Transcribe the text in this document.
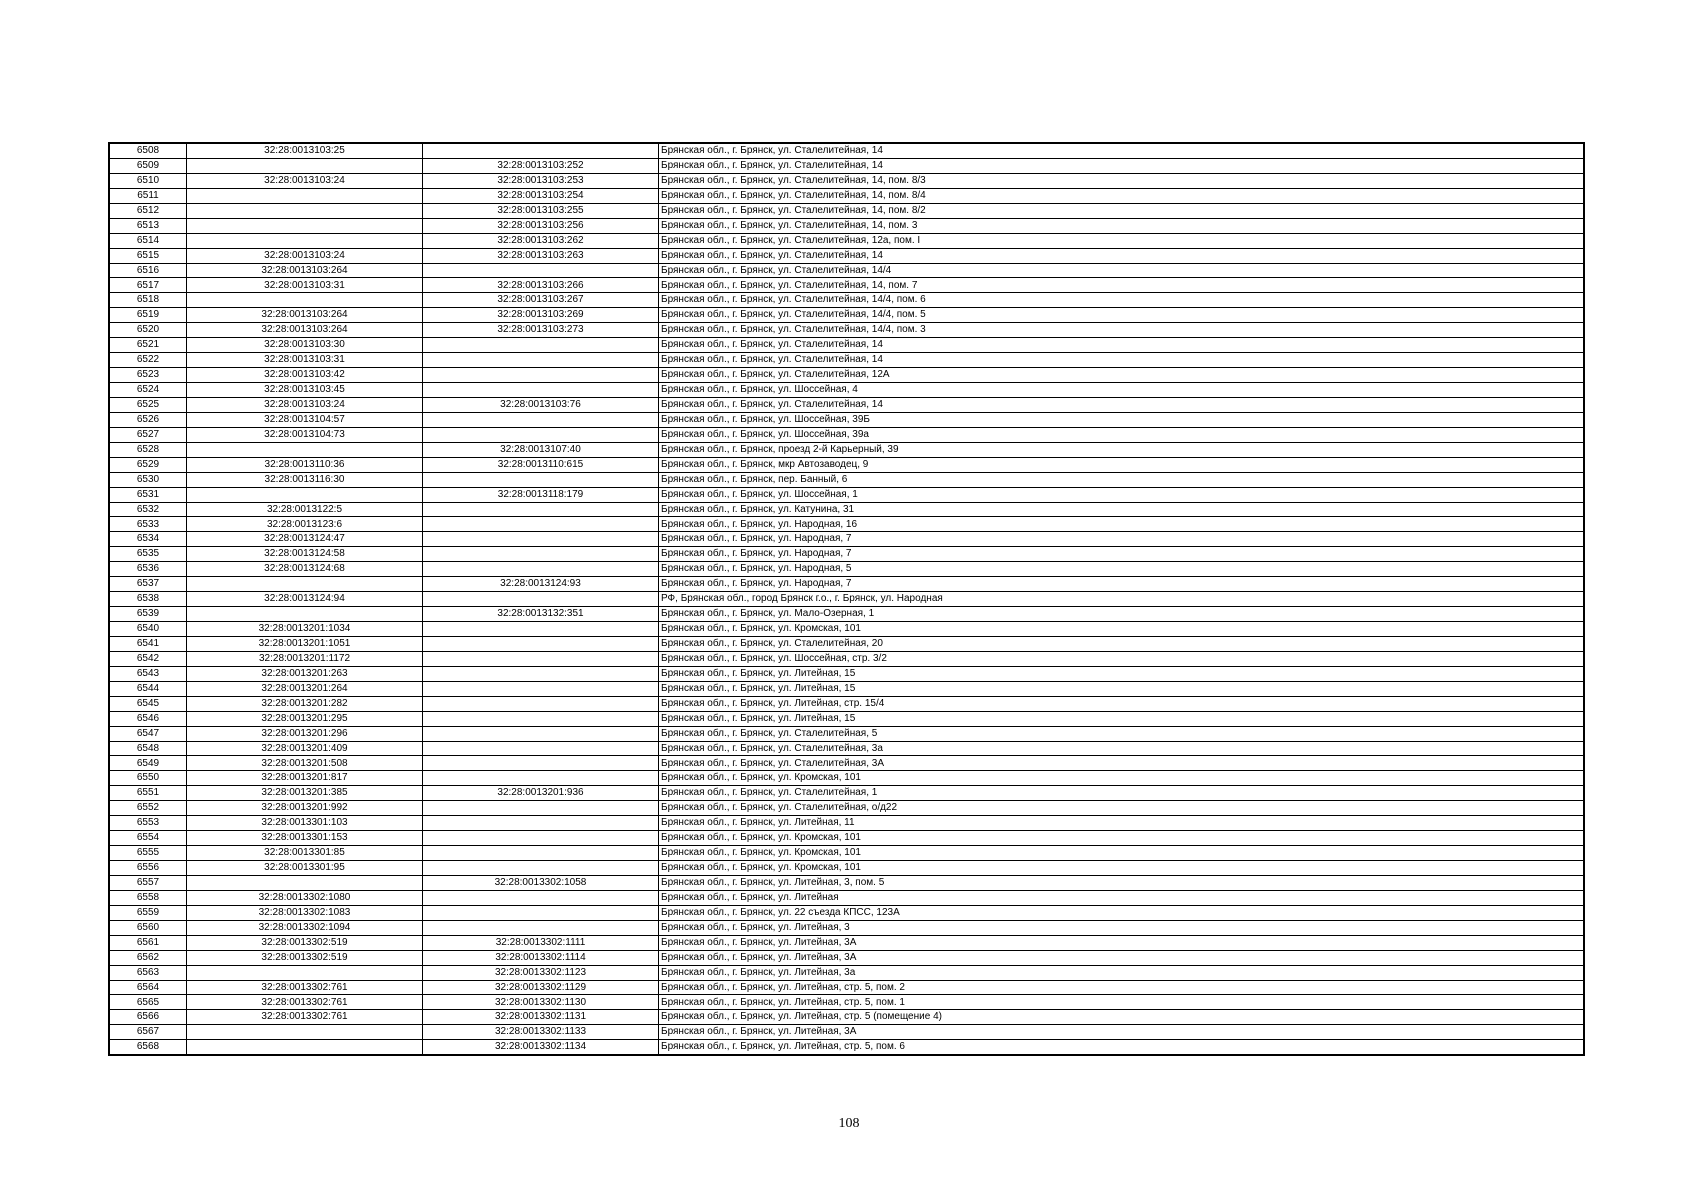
6508	32:28:0013103:25		Брянская обл., г. Брянск, ул. Сталелитейная, 14
6509		32:28:0013103:252	Брянская обл., г. Брянск, ул. Сталелитейная, 14
6510	32:28:0013103:24	32:28:0013103:253	Брянская обл., г. Брянск, ул. Сталелитейная, 14, пом. 8/3
6511		32:28:0013103:254	Брянская обл., г. Брянск, ул. Сталелитейная, 14, пом. 8/4
6512		32:28:0013103:255	Брянская обл., г. Брянск, ул. Сталелитейная, 14, пом. 8/2
6513		32:28:0013103:256	Брянская обл., г. Брянск, ул. Сталелитейная, 14, пом. 3
6514		32:28:0013103:262	Брянская обл., г. Брянск, ул. Сталелитейная, 12а, пом. I
6515	32:28:0013103:24	32:28:0013103:263	Брянская обл., г. Брянск, ул. Сталелитейная, 14
6516	32:28:0013103:264		Брянская обл., г. Брянск, ул. Сталелитейная, 14/4
6517	32:28:0013103:31	32:28:0013103:266	Брянская обл., г. Брянск, ул. Сталелитейная, 14, пом. 7
6518		32:28:0013103:267	Брянская обл., г. Брянск, ул. Сталелитейная, 14/4, пом. 6
6519	32:28:0013103:264	32:28:0013103:269	Брянская обл., г. Брянск, ул. Сталелитейная, 14/4, пом. 5
6520	32:28:0013103:264	32:28:0013103:273	Брянская обл., г. Брянск, ул. Сталелитейная, 14/4, пом. 3
6521	32:28:0013103:30		Брянская обл., г. Брянск, ул. Сталелитейная, 14
6522	32:28:0013103:31		Брянская обл., г. Брянск, ул. Сталелитейная, 14
6523	32:28:0013103:42		Брянская обл., г. Брянск, ул. Сталелитейная, 12А
6524	32:28:0013103:45		Брянская обл., г. Брянск, ул. Шоссейная, 4
6525	32:28:0013103:24	32:28:0013103:76	Брянская обл., г. Брянск, ул. Сталелитейная, 14
6526	32:28:0013104:57		Брянская обл., г. Брянск, ул. Шоссейная, 39Б
6527	32:28:0013104:73		Брянская обл., г. Брянск, ул. Шоссейная, 39а
6528		32:28:0013107:40	Брянская обл., г. Брянск, проезд 2-й Карьерный, 39
6529	32:28:0013110:36	32:28:0013110:615	Брянская обл., г. Брянск, мкр Автозаводец, 9
6530	32:28:0013116:30		Брянская обл., г. Брянск, пер. Банный, 6
6531		32:28:0013118:179	Брянская обл., г. Брянск, ул. Шоссейная, 1
6532	32:28:0013122:5		Брянская обл., г. Брянск, ул. Катунина, 31
6533	32:28:0013123:6		Брянская обл., г. Брянск, ул. Народная, 16
6534	32:28:0013124:47		Брянская обл., г. Брянск, ул. Народная, 7
6535	32:28:0013124:58		Брянская обл., г. Брянск, ул. Народная, 7
6536	32:28:0013124:68		Брянская обл., г. Брянск, ул. Народная, 5
6537		32:28:0013124:93	Брянская обл., г. Брянск, ул. Народная, 7
6538	32:28:0013124:94		РФ, Брянская обл., город Брянск г.о., г. Брянск, ул. Народная
6539		32:28:0013132:351	Брянская обл., г. Брянск, ул. Мало-Озерная, 1
6540	32:28:0013201:1034		Брянская обл., г. Брянск, ул. Кромская, 101
6541	32:28:0013201:1051		Брянская обл., г. Брянск, ул. Сталелитейная, 20
6542	32:28:0013201:1172		Брянская обл., г. Брянск, ул. Шоссейная, стр. 3/2
6543	32:28:0013201:263		Брянская обл., г. Брянск, ул. Литейная, 15
6544	32:28:0013201:264		Брянская обл., г. Брянск, ул. Литейная, 15
6545	32:28:0013201:282		Брянская обл., г. Брянск, ул. Литейная, стр. 15/4
6546	32:28:0013201:295		Брянская обл., г. Брянск, ул. Литейная, 15
6547	32:28:0013201:296		Брянская обл., г. Брянск, ул. Сталелитейная, 5
6548	32:28:0013201:409		Брянская обл., г. Брянск, ул. Сталелитейная, 3а
6549	32:28:0013201:508		Брянская обл., г. Брянск, ул. Сталелитейная, 3А
6550	32:28:0013201:817		Брянская обл., г. Брянск, ул. Кромская, 101
6551	32:28:0013201:385	32:28:0013201:936	Брянская обл., г. Брянск, ул. Сталелитейная, 1
6552	32:28:0013201:992		Брянская обл., г. Брянск, ул. Сталелитейная, о/д22
6553	32:28:0013301:103		Брянская обл., г. Брянск, ул. Литейная, 11
6554	32:28:0013301:153		Брянская обл., г. Брянск, ул. Кромская, 101
6555	32:28:0013301:85		Брянская обл., г. Брянск, ул. Кромская, 101
6556	32:28:0013301:95		Брянская обл., г. Брянск, ул. Кромская, 101
6557		32:28:0013302:1058	Брянская обл., г. Брянск, ул. Литейная, 3, пом. 5
6558	32:28:0013302:1080		Брянская обл., г. Брянск, ул. Литейная
6559	32:28:0013302:1083		Брянская обл., г. Брянск, ул. 22 съезда КПСС, 123А
6560	32:28:0013302:1094		Брянская обл., г. Брянск, ул. Литейная, 3
6561	32:28:0013302:519	32:28:0013302:1111	Брянская обл., г. Брянск, ул. Литейная, 3А
6562	32:28:0013302:519	32:28:0013302:1114	Брянская обл., г. Брянск, ул. Литейная, 3А
6563		32:28:0013302:1123	Брянская обл., г. Брянск, ул. Литейная, 3а
6564	32:28:0013302:761	32:28:0013302:1129	Брянская обл., г. Брянск, ул. Литейная, стр. 5, пом. 2
6565	32:28:0013302:761	32:28:0013302:1130	Брянская обл., г. Брянск, ул. Литейная, стр. 5, пом. 1
6566	32:28:0013302:761	32:28:0013302:1131	Брянская обл., г. Брянск, ул. Литейная, стр. 5 (помещение 4)
6567		32:28:0013302:1133	Брянская обл., г. Брянск, ул. Литейная, 3А
6568		32:28:0013302:1134	Брянская обл., г. Брянск, ул. Литейная, стр. 5, пом. 6
108
